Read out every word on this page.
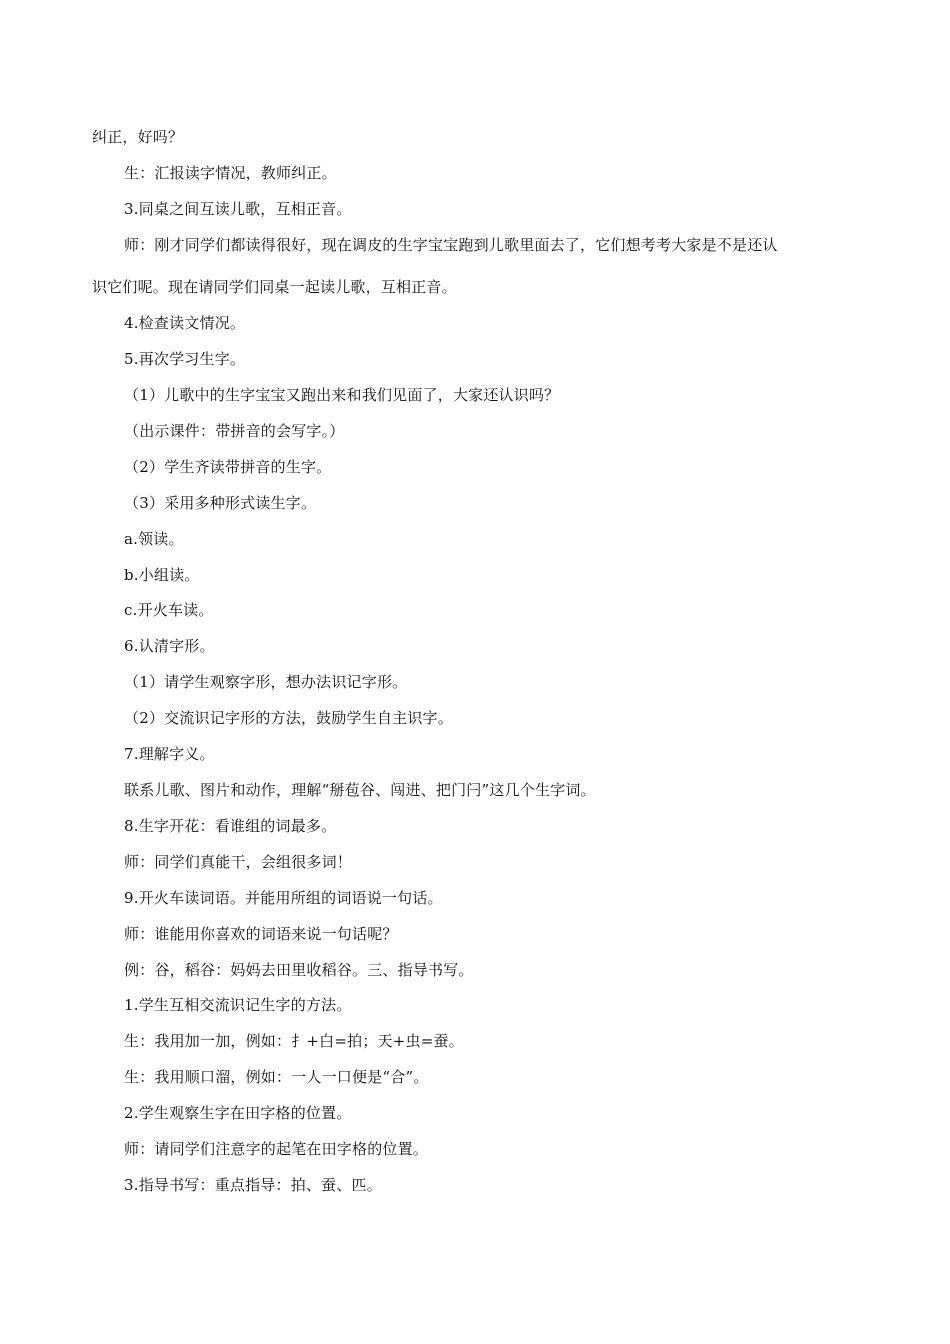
纠正，好吗？
生：汇报读字情况，教师纠正。
3.同桌之间互读儿歌，互相正音。
师：刚才同学们都读得很好，现在调皮的生字宝宝跑到儿歌里面去了，它们想考考大家是不是还认
识它们呢。现在请同学们同桌一起读儿歌，互相正音。
4.检查读文情况。
5.再次学习生字。
（1）儿歌中的生字宝宝又跑出来和我们见面了，大家还认识吗？
（出示课件：带拼音的会写字。）
（2）学生齐读带拼音的生字。
（3）采用多种形式读生字。
a.领读。
b.小组读。
c.开火车读。
6.认清字形。
（1）请学生观察字形，想办法识记字形。
（2）交流识记字形的方法，鼓励学生自主识字。
7.理解字义。
联系儿歌、图片和动作，理解“掰苞谷、闯进、把门闩”这几个生字词。
8.生字开花：看谁组的词最多。
师：同学们真能干，会组很多词！
9.开火车读词语。并能用所组的词语说一句话。
师：谁能用你喜欢的词语来说一句话呢？
例：谷，稻谷：妈妈去田里收稻谷。三、指导书写。
1.学生互相交流识记生字的方法。
生：我用加一加，例如：扌+白=拍；天+虫=蚕。
生：我用顺口溜，例如：一人一口便是“合”。
2.学生观察生字在田字格的位置。
师：请同学们注意字的起笔在田字格的位置。
3.指导书写：重点指导：拍、蚕、匹。
